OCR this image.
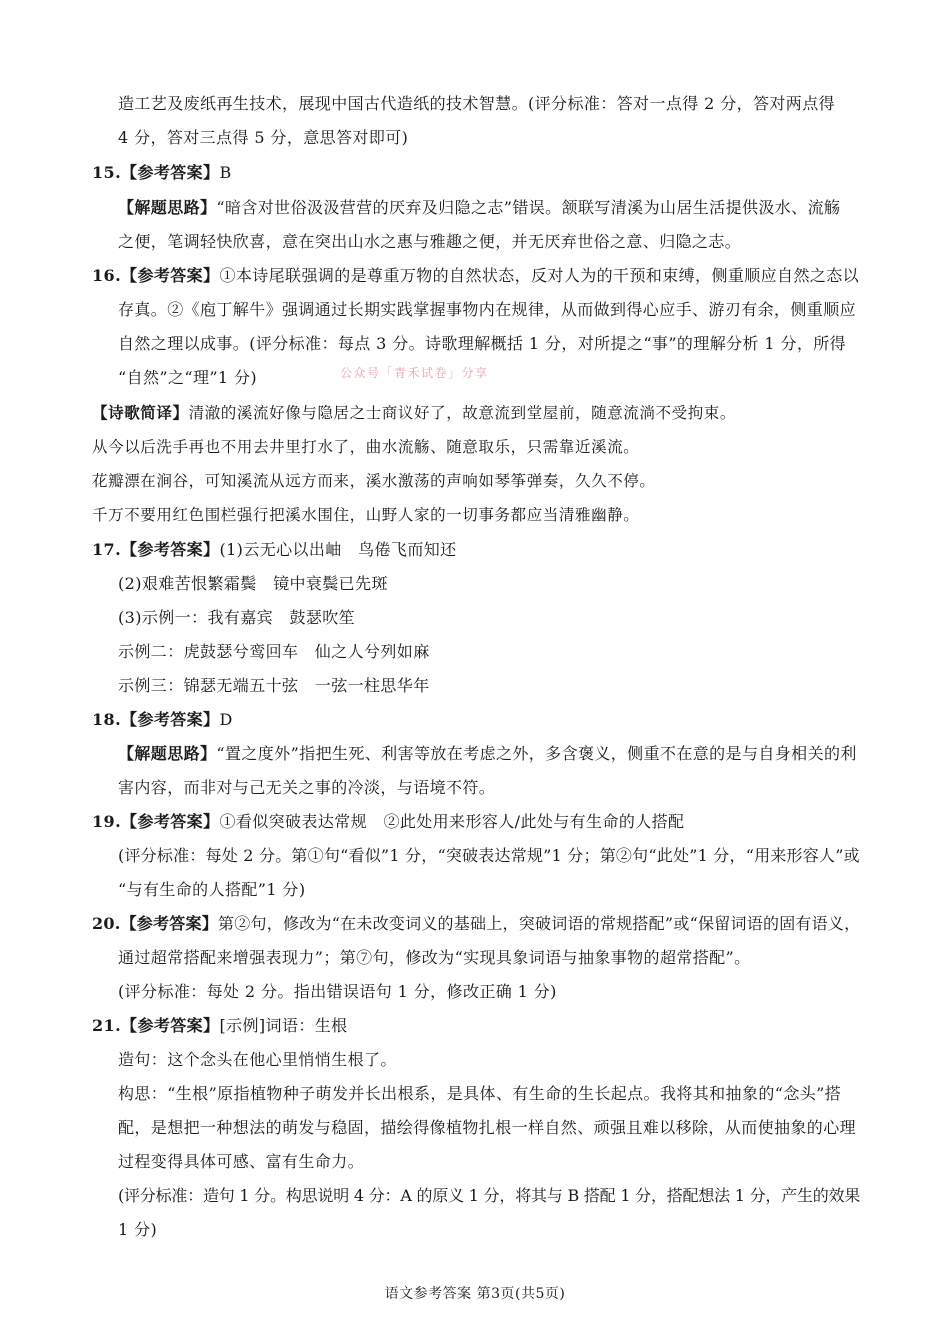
造工艺及废纸再生技术，展现中国古代造纸的技术智慧。(评分标准：答对一点得 2 分，答对两点得
4 分，答对三点得 5 分，意思答对即可)
15.【参考答案】B
【解题思路】“暗含对世俗汲汲营营的厌弃及归隐之志”错误。颔联写清溪为山居生活提供汲水、流觞
之便，笔调轻快欣喜，意在突出山水之惠与雅趣之便，并无厌弃世俗之意、归隐之志。
16.【参考答案】①本诗尾联强调的是尊重万物的自然状态，反对人为的干预和束缚，侧重顺应自然之态以
存真。②《庖丁解牛》强调通过长期实践掌握事物内在规律，从而做到得心应手、游刃有余，侧重顺应
自然之理以成事。(评分标准：每点 3 分。诗歌理解概括 1 分，对所提之“事”的理解分析 1 分，所得
“自然”之“理”1 分)
【诗歌简译】清澈的溪流好像与隐居之士商议好了，故意流到堂屋前，随意流淌不受拘束。
从今以后洗手再也不用去井里打水了，曲水流觞、随意取乐，只需靠近溪流。
花瓣漂在涧谷，可知溪流从远方而来，溪水激荡的声响如琴筝弹奏，久久不停。
千万不要用红色围栏强行把溪水围住，山野人家的一切事务都应当清雅幽静。
17.【参考答案】(1)云无心以出岫　鸟倦飞而知还
(2)艰难苦恨繁霜鬓　镜中衰鬓已先斑
(3)示例一：我有嘉宾　鼓瑟吹笙
示例二：虎鼓瑟兮鸾回车　仙之人兮列如麻
示例三：锦瑟无端五十弦　一弦一柱思华年
18.【参考答案】D
【解题思路】“置之度外”指把生死、利害等放在考虑之外，多含褒义，侧重不在意的是与自身相关的利
害内容，而非对与己无关之事的冷淡，与语境不符。
19.【参考答案】①看似突破表达常规　②此处用来形容人/此处与有生命的人搭配
(评分标准：每处 2 分。第①句“看似”1 分，“突破表达常规”1 分；第②句“此处”1 分，“用来形容人”或
“与有生命的人搭配”1 分)
20.【参考答案】第②句，修改为“在未改变词义的基础上，突破词语的常规搭配”或“保留词语的固有语义，
通过超常搭配来增强表现力”；第⑦句，修改为“实现具象词语与抽象事物的超常搭配”。
(评分标准：每处 2 分。指出错误语句 1 分，修改正确 1 分)
21.【参考答案】[示例]词语：生根
造句：这个念头在他心里悄悄生根了。
构思：“生根”原指植物种子萌发并长出根系，是具体、有生命的生长起点。我将其和抽象的“念头”搭
配，是想把一种想法的萌发与稳固，描绘得像植物扎根一样自然、顽强且难以移除，从而使抽象的心理
过程变得具体可感、富有生命力。
(评分标准：造句 1 分。构思说明 4 分：A 的原义 1 分，将其与 B 搭配 1 分，搭配想法 1 分，产生的效果
1 分)
公众号「青禾试卷」分享
语文参考答案 第3页(共5页)
